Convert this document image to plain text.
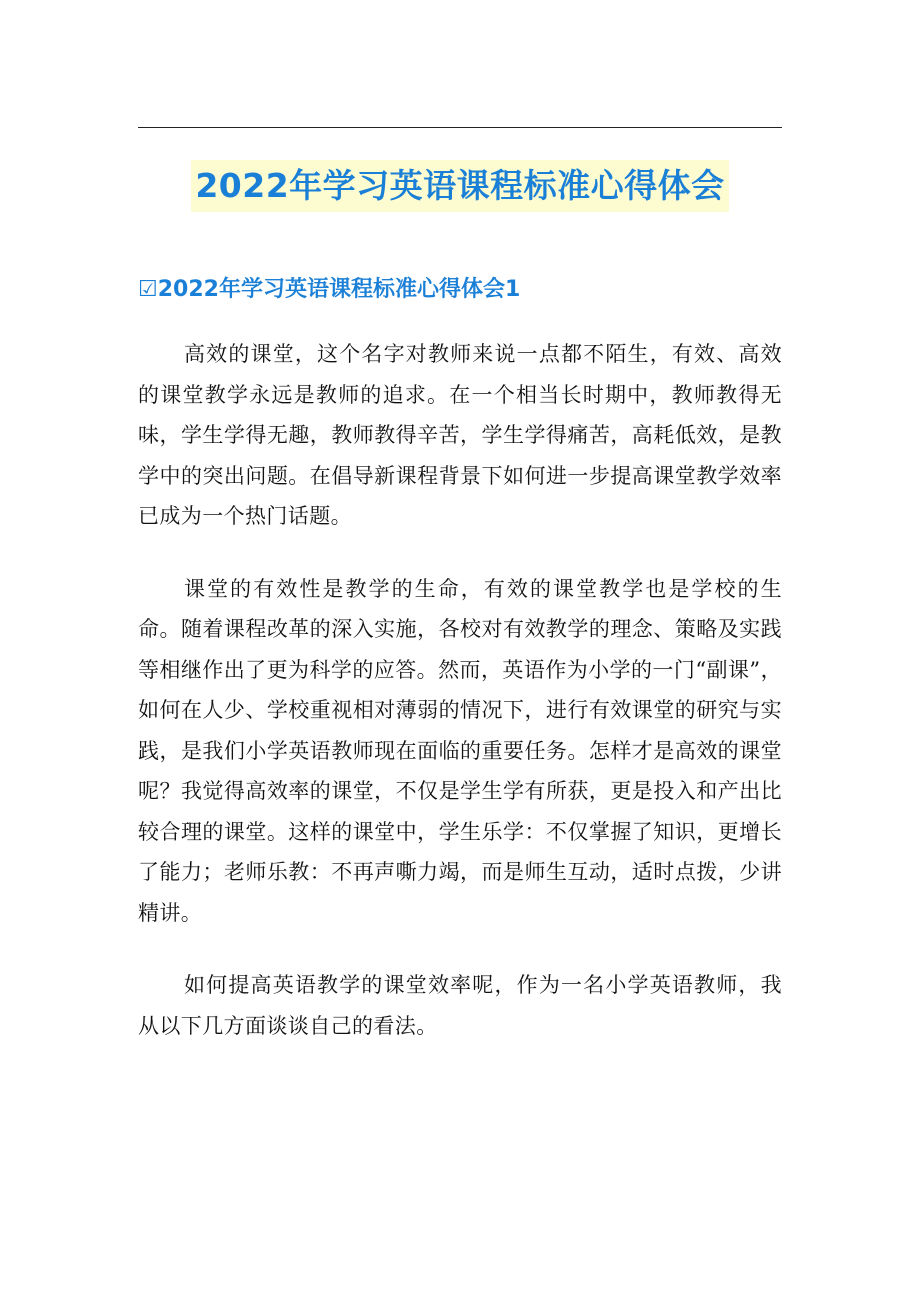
2022年学习英语课程标准心得体会
☑2022年学习英语课程标准心得体会1

高效的课堂，这个名字对教师来说一点都不陌生，有效、高效的课堂教学永远是教师的追求。在一个相当长时期中，教师教得无味，学生学得无趣，教师教得辛苦，学生学得痛苦，高耗低效，是教学中的突出问题。在倡导新课程背景下如何进一步提高课堂教学效率已成为一个热门话题。

课堂的有效性是教学的生命，有效的课堂教学也是学校的生命。随着课程改革的深入实施，各校对有效教学的理念、策略及实践等相继作出了更为科学的应答。然而，英语作为小学的一门“副课”，如何在人少、学校重视相对薄弱的情况下，进行有效课堂的研究与实践，是我们小学英语教师现在面临的重要任务。怎样才是高效的课堂呢？我觉得高效率的课堂，不仅是学生学有所获，更是投入和产出比较合理的课堂。这样的课堂中，学生乐学：不仅掌握了知识，更增长了能力；老师乐教：不再声嘶力竭，而是师生互动，适时点拨，少讲精讲。

如何提高英语教学的课堂效率呢，作为一名小学英语教师，我从以下几方面谈谈自己的看法。
